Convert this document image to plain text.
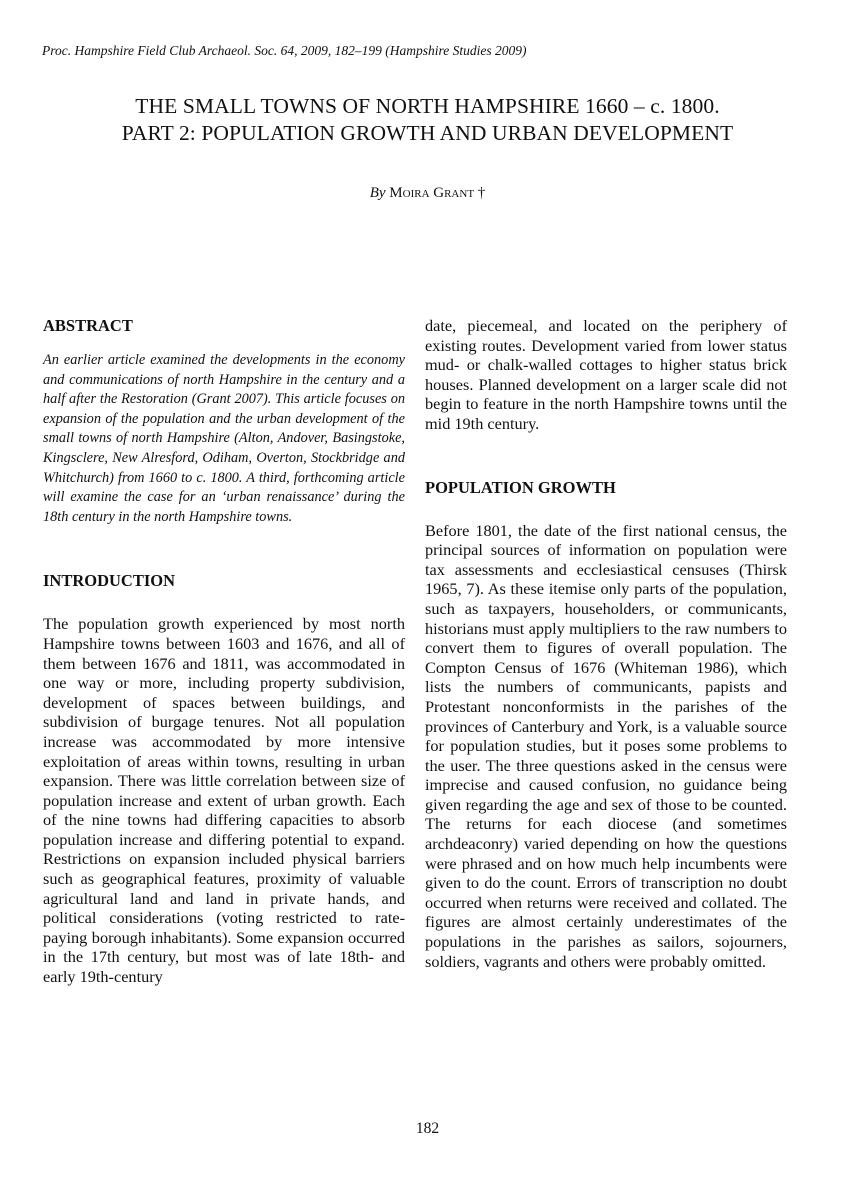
Proc. Hampshire Field Club Archaeol. Soc. 64, 2009, 182–199 (Hampshire Studies 2009)
THE SMALL TOWNS OF NORTH HAMPSHIRE 1660 – c. 1800.
PART 2: POPULATION GROWTH AND URBAN DEVELOPMENT
By Moira Grant †
ABSTRACT

An earlier article examined the developments in the economy and communications of north Hampshire in the century and a half after the Restoration (Grant 2007). This article focuses on expansion of the population and the urban development of the small towns of north Hampshire (Alton, Andover, Basingstoke, Kingsclere, New Alresford, Odiham, Overton, Stockbridge and Whitchurch) from 1660 to c. 1800. A third, forthcoming article will examine the case for an ‘urban renaissance’ during the 18th century in the north Hampshire towns.

INTRODUCTION

The population growth experienced by most north Hampshire towns between 1603 and 1676, and all of them between 1676 and 1811, was accommodated in one way or more, including property subdivision, development of spaces between buildings, and subdivision of burgage tenures. Not all population increase was accommodated by more intensive exploitation of areas within towns, resulting in urban expansion. There was little correlation between size of population increase and extent of urban growth. Each of the nine towns had differing capacities to absorb population increase and differing potential to expand. Restrictions on expansion included physical barriers such as geographical features, proximity of valuable agricultural land and land in private hands, and political considerations (voting restricted to rate-paying borough inhabitants). Some expansion occurred in the 17th century, but most was of late 18th- and early 19th-century

date, piecemeal, and located on the periphery of existing routes. Development varied from lower status mud- or chalk-walled cottages to higher status brick houses. Planned development on a larger scale did not begin to feature in the north Hampshire towns until the mid 19th century.

POPULATION GROWTH

Before 1801, the date of the first national census, the principal sources of information on population were tax assessments and ecclesiastical censuses (Thirsk 1965, 7). As these itemise only parts of the population, such as taxpayers, householders, or communicants, historians must apply multipliers to the raw numbers to convert them to figures of overall population. The Compton Census of 1676 (Whiteman 1986), which lists the numbers of communicants, papists and Protestant nonconformists in the parishes of the provinces of Canterbury and York, is a valuable source for population studies, but it poses some problems to the user. The three questions asked in the census were imprecise and caused confusion, no guidance being given regarding the age and sex of those to be counted. The returns for each diocese (and sometimes archdeaconry) varied depending on how the questions were phrased and on how much help incumbents were given to do the count. Errors of transcription no doubt occurred when returns were received and collated. The figures are almost certainly underestimates of the populations in the parishes as sailors, sojourners, soldiers, vagrants and others were probably omitted.

182
